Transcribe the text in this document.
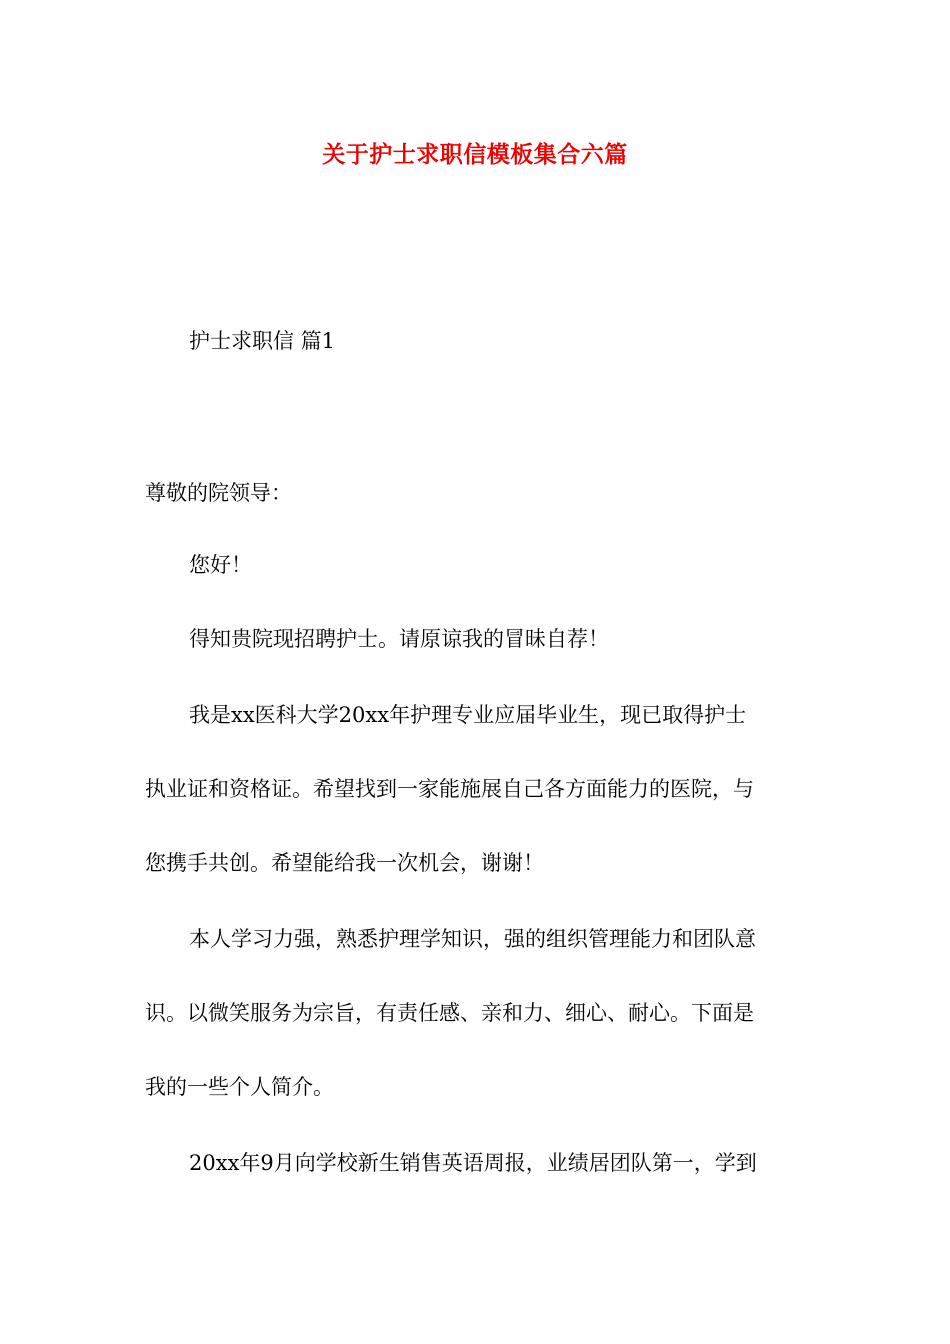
关于护士求职信模板集合六篇
护士求职信 篇1
尊敬的院领导：
您好！
得知贵院现招聘护士。请原谅我的冒昧自荐！
我是xx医科大学20xx年护理专业应届毕业生，现已取得护士
执业证和资格证。希望找到一家能施展自己各方面能力的医院，与
您携手共创。希望能给我一次机会，谢谢！
本人学习力强，熟悉护理学知识，强的组织管理能力和团队意
识。以微笑服务为宗旨，有责任感、亲和力、细心、耐心。下面是
我的一些个人简介。
20xx年9月向学校新生销售英语周报，业绩居团队第一，学到
